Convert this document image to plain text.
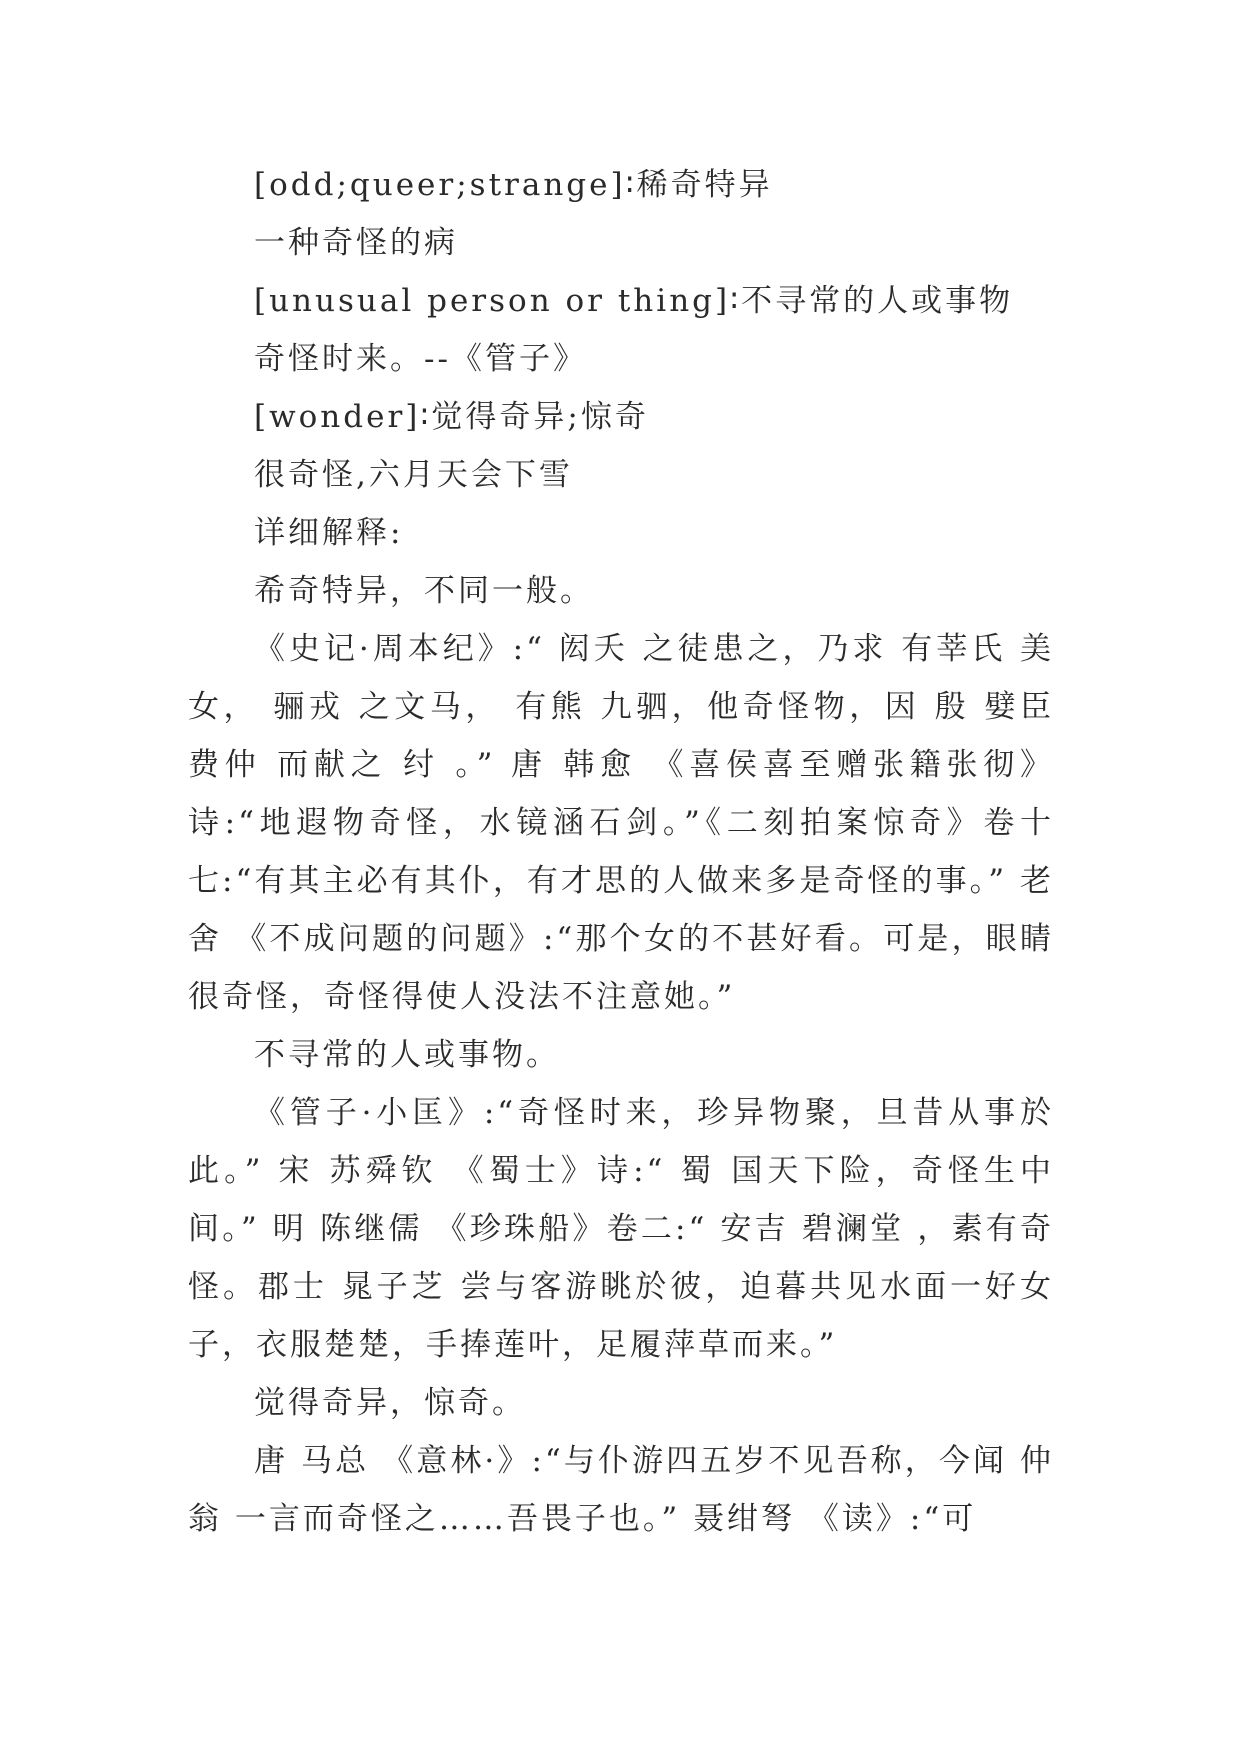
[odd;queer;strange]∶稀奇特异

一种奇怪的病

[unusual person or thing]∶不寻常的人或事物

奇怪时来。--《管子》

[wonder]∶觉得奇异;惊奇

很奇怪,六月天会下雪

详细解释:

希奇特异，不同一般。

《史记·周本纪》:“ 闳夭 之徒患之，乃求 有莘氏 美女， 骊戎 之文马， 有熊 九驷，他奇怪物，因 殷 嬖臣 费仲 而献之 纣 。” 唐 韩愈 《喜侯喜至赠张籍张彻》诗:“地遐物奇怪，水镜涵石剑。”《二刻拍案惊奇》卷十七:“有其主必有其仆，有才思的人做来多是奇怪的事。” 老舍 《不成问题的问题》:“那个女的不甚好看。可是，眼睛很奇怪，奇怪得使人没法不注意她。”

不寻常的人或事物。

《管子·小匡》:“奇怪时来，珍异物聚，旦昔从事於此。” 宋 苏舜钦 《蜀士》诗:“ 蜀 国天下险，奇怪生中间。” 明 陈继儒 《珍珠船》卷二:“ 安吉 碧澜堂 ，素有奇怪。郡士 晁子芝 尝与客游眺於彼，迫暮共见水面一好女子，衣服楚楚，手捧莲叶，足履萍草而来。”

觉得奇异，惊奇。

唐 马总 《意林·》:“与仆游四五岁不见吾称，今闻 仲翁 一言而奇怪之……吾畏子也。” 聂绀弩 《读》:“可
